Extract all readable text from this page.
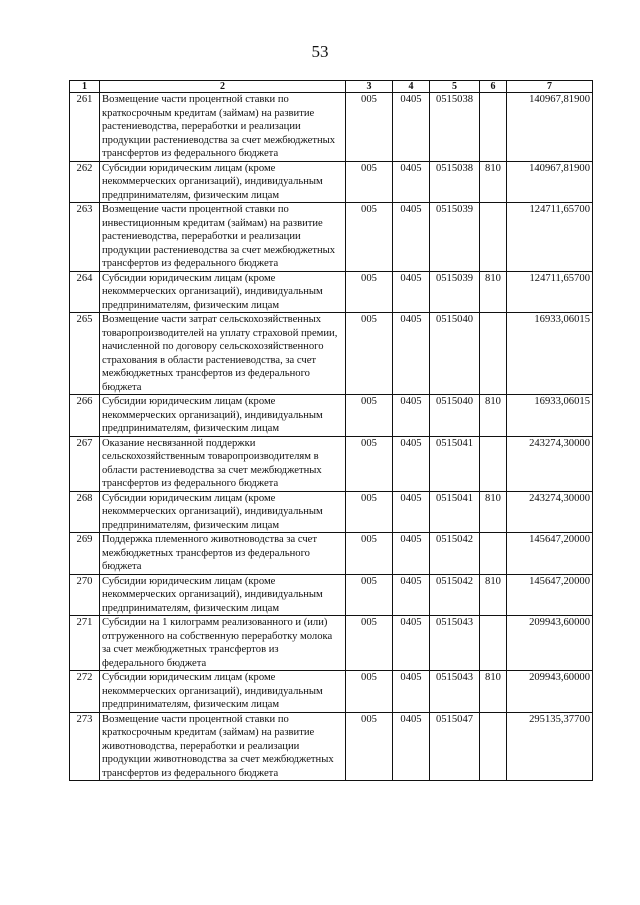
53
1	2	3	4	5	6	7
261	Возмещение части процентной ставки по краткосрочным кредитам (займам) на развитие растениеводства, переработки и реализации продукции растениеводства за счет межбюджетных трансфертов из федерального бюджета	005	0405	0515038		140967,81900
262	Субсидии юридическим лицам (кроме некоммерческих организаций), индивидуальным предпринимателям, физическим лицам	005	0405	0515038	810	140967,81900
263	Возмещение части процентной ставки по инвестиционным кредитам (займам) на развитие растениеводства, переработки и реализации продукции растениеводства за счет межбюджетных трансфертов из федерального бюджета	005	0405	0515039		124711,65700
264	Субсидии юридическим лицам (кроме некоммерческих организаций), индивидуальным предпринимателям, физическим лицам	005	0405	0515039	810	124711,65700
265	Возмещение части затрат сельскохозяйственных товаропроизводителей на уплату страховой премии, начисленной по договору сельскохозяйственного страхования в области растениеводства, за счет межбюджетных трансфертов из федерального бюджета	005	0405	0515040		16933,06015
266	Субсидии юридическим лицам (кроме некоммерческих организаций), индивидуальным предпринимателям, физическим лицам	005	0405	0515040	810	16933,06015
267	Оказание несвязанной поддержки сельскохозяйственным товаропроизводителям в области растениеводства за счет межбюджетных трансфертов из федерального бюджета	005	0405	0515041		243274,30000
268	Субсидии юридическим лицам (кроме некоммерческих организаций), индивидуальным предпринимателям, физическим лицам	005	0405	0515041	810	243274,30000
269	Поддержка племенного животноводства за счет межбюджетных трансфертов из федерального бюджета	005	0405	0515042		145647,20000
270	Субсидии юридическим лицам (кроме некоммерческих организаций), индивидуальным предпринимателям, физическим лицам	005	0405	0515042	810	145647,20000
271	Субсидии на 1 килограмм реализованного и (или) отгруженного на собственную переработку молока за счет межбюджетных трансфертов из федерального бюджета	005	0405	0515043		209943,60000
272	Субсидии юридическим лицам (кроме некоммерческих организаций), индивидуальным предпринимателям, физическим лицам	005	0405	0515043	810	209943,60000
273	Возмещение части процентной ставки по краткосрочным кредитам (займам) на развитие животноводства, переработки и реализации продукции животноводства за счет межбюджетных трансфертов из федерального бюджета	005	0405	0515047		295135,37700
